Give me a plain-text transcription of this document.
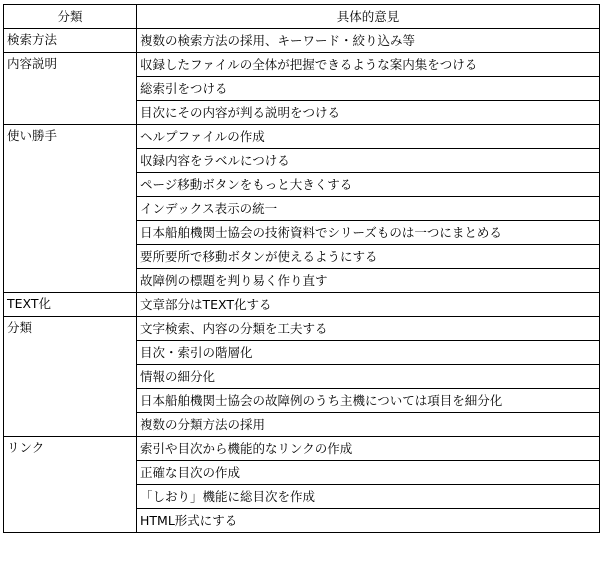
分類	具体的意見
検索方法	複数の検索方法の採用、キーワード・絞り込み等
内容説明	収録したファイルの全体が把握できるような案内集をつける
	総索引をつける
	目次にその内容が判る説明をつける
使い勝手	ヘルプファイルの作成
	収録内容をラベルにつける
	ページ移動ボタンをもっと大きくする
	インデックス表示の統一
	日本船舶機関士協会の技術資料でシリーズものは一つにまとめる
	要所要所で移動ボタンが使えるようにする
	故障例の標題を判り易く作り直す
TEXT化	文章部分はTEXT化する
分類	文字検索、内容の分類を工夫する
	目次・索引の階層化
	情報の細分化
	日本船舶機関士協会の故障例のうち主機については項目を細分化
	複数の分類方法の採用
リンク	索引や目次から機能的なリンクの作成
	正確な目次の作成
	「しおり」機能に総目次を作成
	HTML形式にする
